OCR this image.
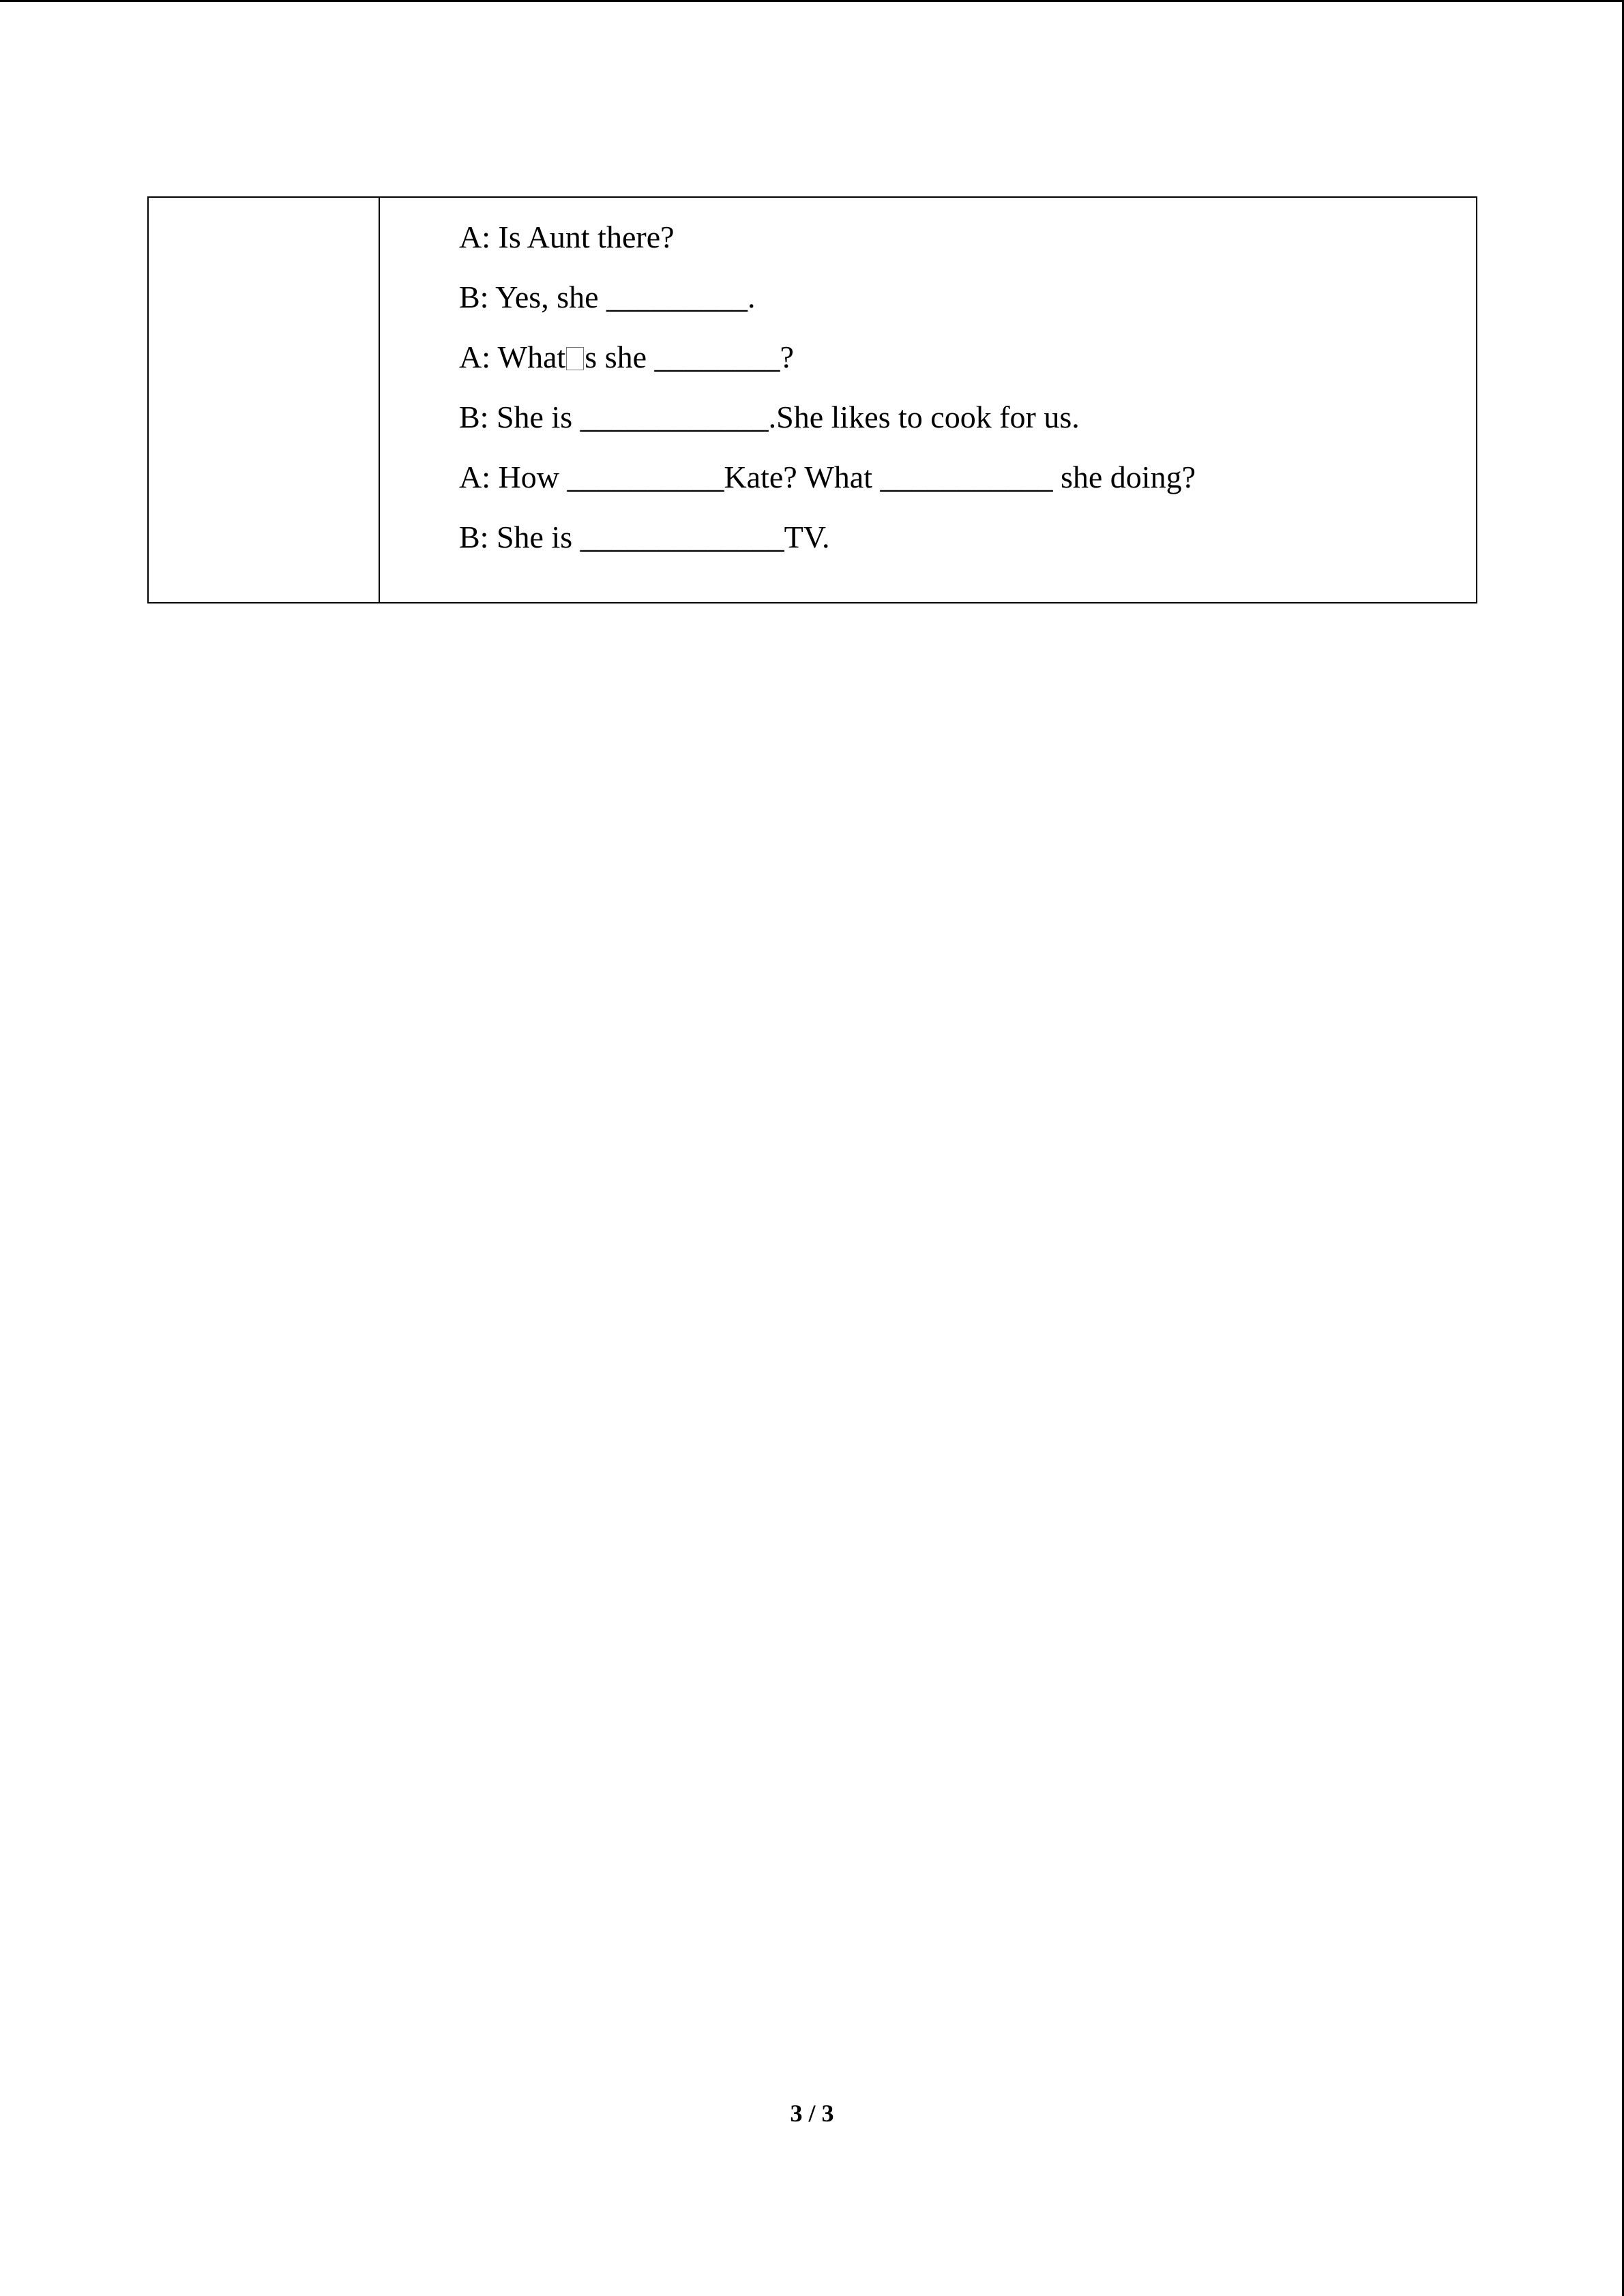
A: Is Aunt there?
B: Yes, she _________.
A: What s she ________?
B: She is ____________.She likes to cook for us.
A: How __________Kate? What ___________ she doing?
B: She is _____________TV.
3 / 3
